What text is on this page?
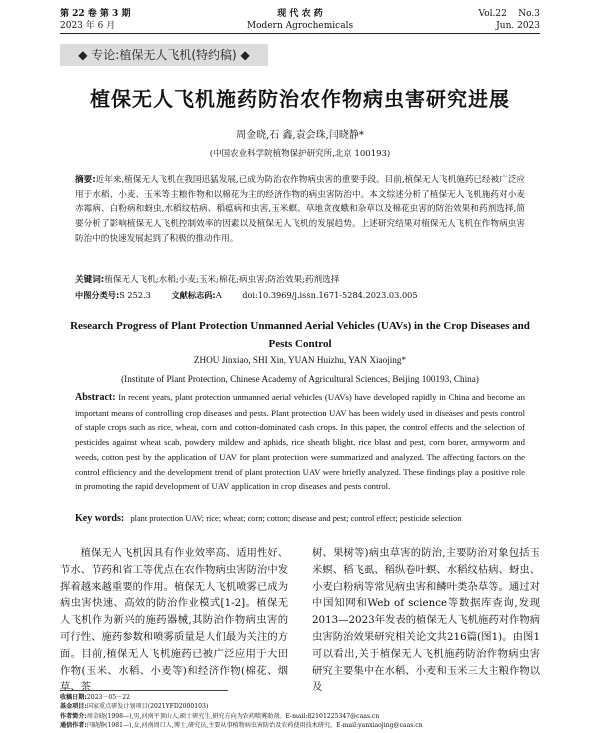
第 22 卷 第 3 期
2023 年 6 月
现 代 农 药
Modern Agrochemicals
Vol.22    No.3
Jun. 2023
◆ 专论:植保无人飞机(特约稿) ◆
植保无人飞机施药防治农作物病虫害研究进展
周金晓,石 鑫,袁会珠,闫晓静*
(中国农业科学院植物保护研究所,北京 100193)
摘要:近年来,植保无人飞机在我国迅猛发展,已成为防治农作物病虫害的重要手段。目前,植保无人飞机施药已经被广泛应用于水稻、小麦、玉米等主粮作物和以棉花为主的经济作物的病虫害防治中。本文综述分析了植保无人飞机施药对小麦赤霉病、白粉病和蚜虫,水稻纹枯病、稻瘟病和虫害,玉米螟、草地贪夜蛾和杂草以及棉花虫害的防治效果和药剂选择,简要分析了影响植保无人飞机控制效率的因素以及植保无人飞机的发展趋势。上述研究结果对植保无人飞机在作物病虫害防治中的快速发展起到了积极的推动作用。
关键词:植保无人飞机;水稻;小麦;玉米;棉花;病虫害;防治效果;药剂选择
中图分类号:S 252.3	文献标志码:A	doi:10.3969/j.issn.1671-5284.2023.03.005
Research Progress of Plant Protection Unmanned Aerial Vehicles (UAVs) in the Crop Diseases and Pests Control
ZHOU Jinxiao, SHI Xin, YUAN Huizhu, YAN Xiaojing*
(Institute of Plant Protection, Chinese Academy of Agricultural Sciences, Beijing 100193, China)
Abstract: In recent years, plant protection unmanned aerial vehicles (UAVs) have developed rapidly in China and become an important means of controlling crop diseases and pests. Plant protection UAV has been widely used in diseases and pests control of staple crops such as rice, wheat, corn and cotton-dominated cash crops. In this paper, the control effects and the selection of pesticides against wheat scab, powdery mildew and aphids, rice sheath blight, rice blast and pest, corn borer, armyworm and weeds, cotton pest by the application of UAV for plant protection were summarized and analyzed. The affecting factors on the control efficiency and the development trend of plant protection UAV were briefly analyzed. These findings play a positive role in promoting the rapid development of UAV application in crop diseases and pests control.
Key words: plant protection UAV; rice; wheat; corn; cotton; disease and pest; control effect; pesticide selection

植保无人飞机因具有作业效率高、适用性好、节水、节药和省工等优点在农作物病虫害防治中发挥着越来越重要的作用。植保无人飞机喷雾已成为病虫害快速、高效的防治作业模式[1-2]。植保无人飞机作为新兴的施药器械,其防治作物病虫害的可行性、施药参数和喷雾质量是人们最为关注的方面。目前,植保无人飞机施药已被广泛应用于大田作物(玉米、水稻、小麦等)和经济作物(棉花、烟草、茶

树、果树等)病虫草害的防治,主要防治对象包括玉米螟、稻飞虱、稻纵卷叶螟、水稻纹枯病、蚜虫、小麦白粉病等常见病虫害和鳞叶类杂草等。通过对中国知网和Web of science等数据库查询,发现2013—2023年发表的植保无人飞机施药对作物病虫害防治效果研究相关论文共216篇(图1)。由图1可以看出,关于植保无人飞机施药防治作物病虫害研究主要集中在水稻、小麦和玉米三大主粮作物以及

收稿日期:2023－05－22
基金项目:国家重点研发计划项目(2021YFD2000103)
作者简介:周金晓(1998—),男,河南平顶山人,硕士研究生,研究方向为农药喷雾助剂。E-mail:82101225347@caas.cn
通信作者:闫晓静(1981—),女,河南周口人,博士,研究员,主要从事植物病虫害防治及农药使用技术研究。E-mail:yanxiaojing@caas.cn
